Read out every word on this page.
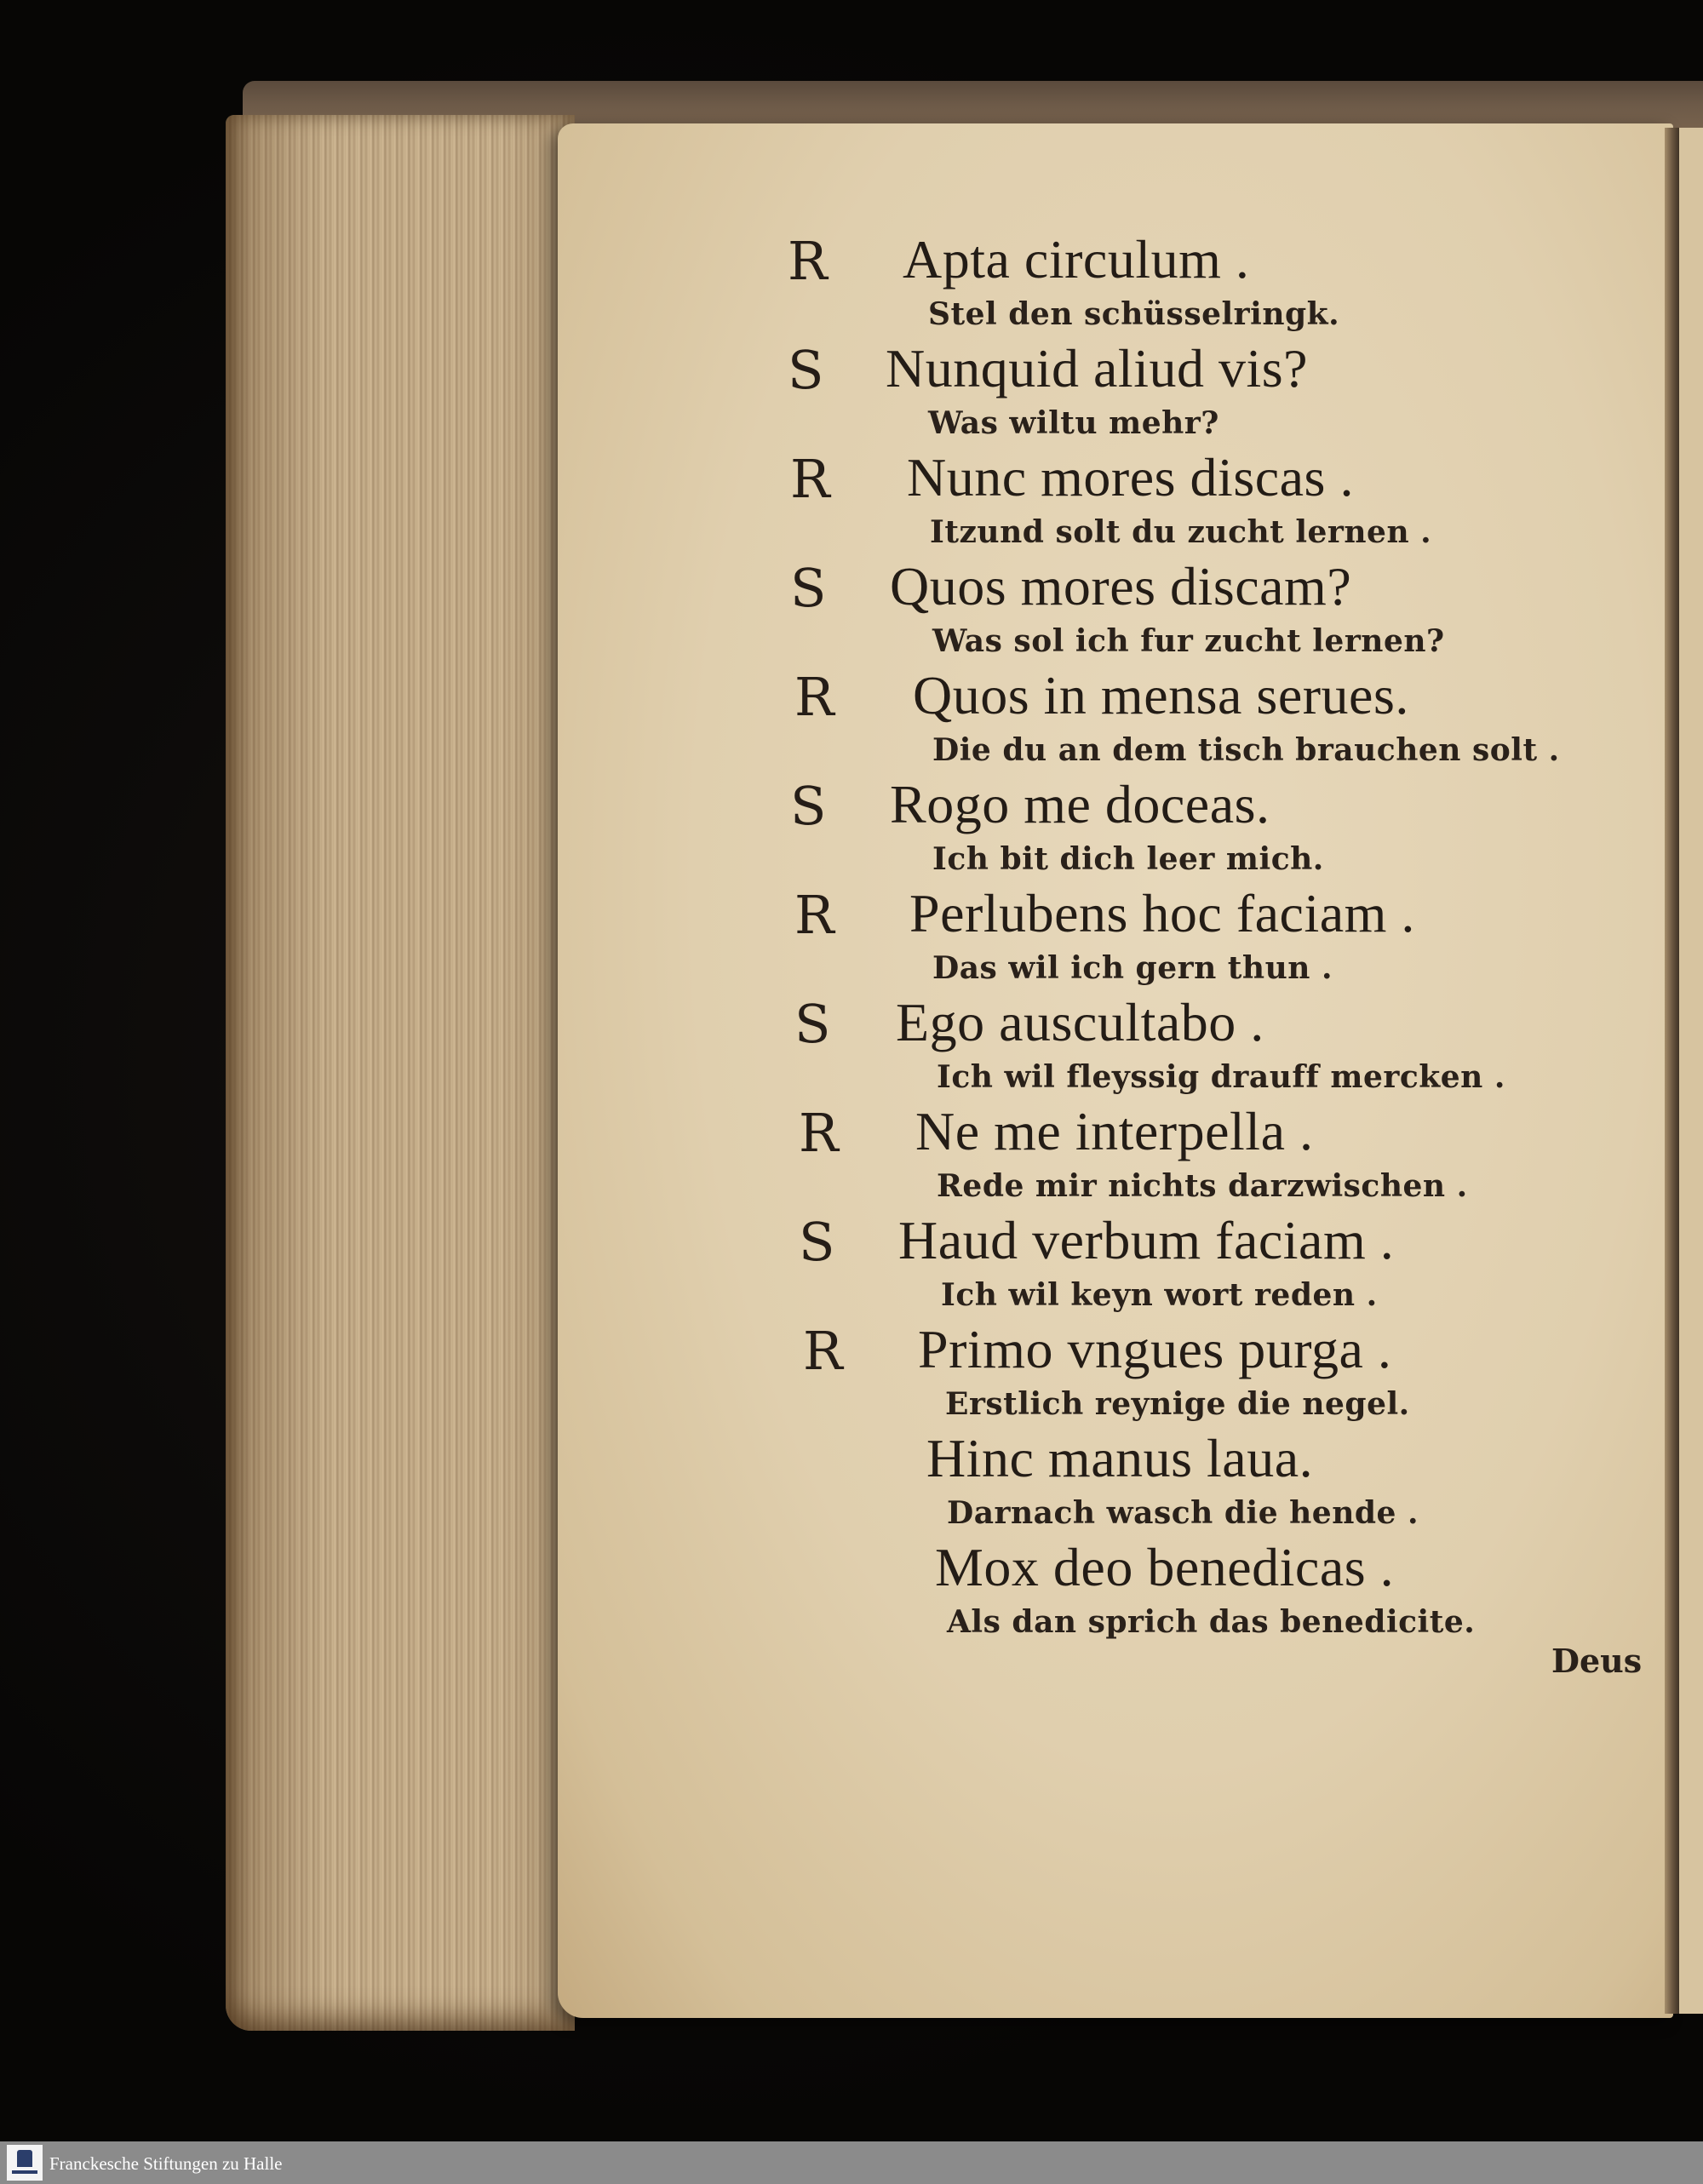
R Apta circulum .
Stel den schüsselringk.
S Nunquid aliud vis?
Was wiltu mehr?
R Nunc mores discas .
Itzund solt du zucht lernen .
S Quos mores discam?
Was sol ich fur zucht lernen?
R Quos in mensa serues.
Die du an dem tisch brauchen solt .
S Rogo me doceas.
Ich bit dich leer mich.
R Perlubens hoc faciam .
Das wil ich gern thun .
S Ego auscultabo .
Ich wil fleyssig drauff mercken .
R Ne me interpella .
Rede mir nichts darzwischen .
S Haud verbum faciam .
Ich wil keyn wort reden .
R Primo vngues purga .
Erstlich reynige die negel.
Hinc manus laua.
Darnach wasch die hende .
Mox deo benedicas .
Als dan sprich das benedicite.
Deus
Franckesche Stiftungen zu Halle
